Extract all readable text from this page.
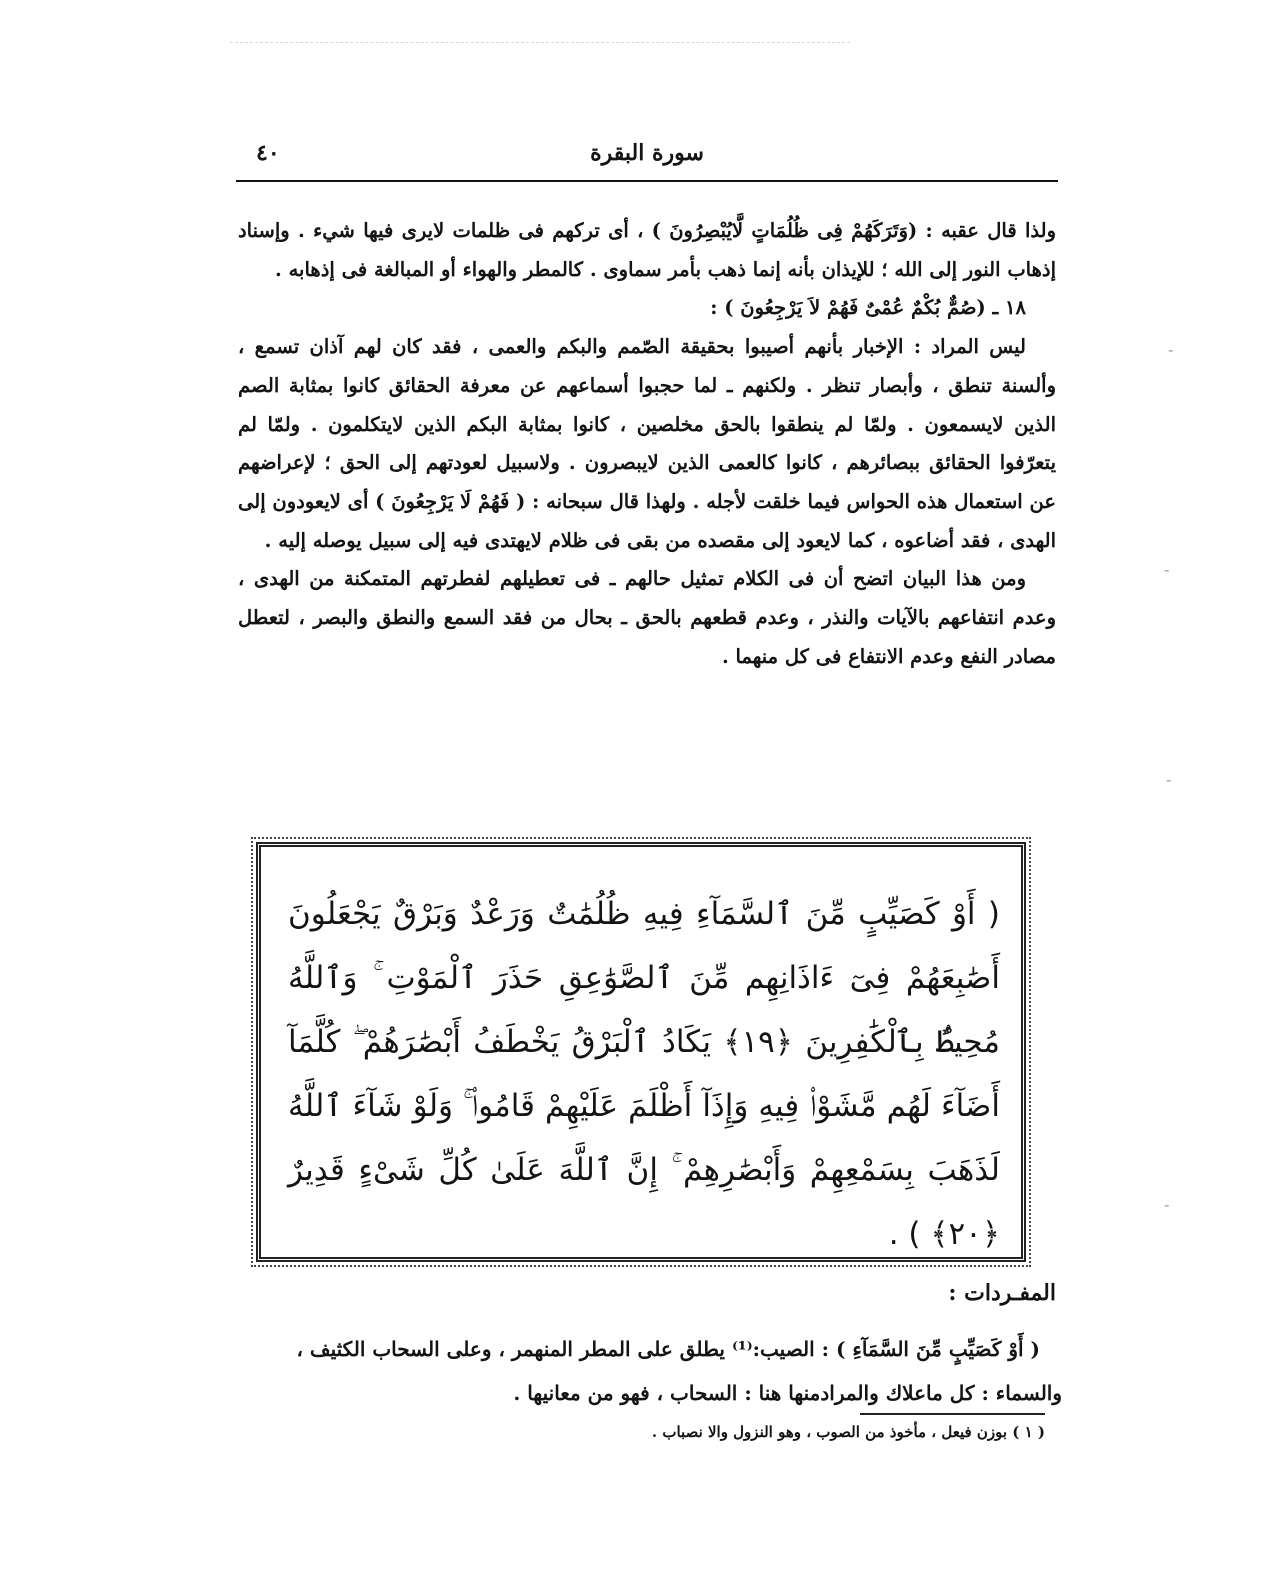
سورة البقرة
٤٠

ولذا قال عقبه : (وَتَرَكَهُمْ فِى ظُلُمَاتٍ لَّايُبْصِرُونَ ) ، أى تركهم فى ظلمات لايرى فيها شيء . وإسناد إذهاب النور إلى الله ؛ للإيذان بأنه إنما ذهب بأمر سماوى . كالمطر والهواء أو المبالغة فى إذهابه .

١٨ ـ (صُمٌّ بُكْمٌ عُمْىٌ فَهُمْ لاَ يَرْجِعُونَ ) :

ليس المراد : الإخبار بأنهم أصيبوا بحقيقة الصّمم والبكم والعمى ، فقد كان لهم آذان تسمع ، وألسنة تنطق ، وأبصار تنظر . ولكنهم ـ لما حجبوا أسماعهم عن معرفة الحقائق كانوا بمثابة الصم الذين لايسمعون . ولمّا لم ينطقوا بالحق مخلصين ، كانوا بمثابة البكم الذين لايتكلمون . ولمّا لم يتعرّفوا الحقائق ببصائرهم ، كانوا كالعمى الذين لايبصرون . ولاسبيل لعودتهم إلى الحق ؛ لإعراضهم عن استعمال هذه الحواس فيما خلقت لأجله . ولهذا قال سبحانه : ( فَهُمْ لَا يَرْجِعُونَ ) أى لايعودون إلى الهدى ، فقد أضاعوه ، كما لايعود إلى مقصده من بقى فى ظلام لايهتدى فيه إلى سبيل يوصله إليه .

ومن هذا البيان اتضح أن فى الكلام تمثيل حالهم ـ فى تعطيلهم لفطرتهم المتمكنة من الهدى ، وعدم انتفاعهم بالآيات والنذر ، وعدم قطعهم بالحق ـ بحال من فقد السمع والنطق والبصر ، لتعطل مصادر النفع وعدم الانتفاع فى كل منهما .

( أَوْ كَصَيِّبٍ مِّنَ ٱلسَّمَآءِ فِيهِ ظُلُمَٰتٌ وَرَعْدٌ وَبَرْقٌ يَجْعَلُونَ أَصَٰبِعَهُمْ فِىٓ ءَاذَانِهِم مِّنَ ٱلصَّوَٰعِقِ حَذَرَ ٱلْمَوْتِ ۚ وَٱللَّهُ مُحِيطٌۢ بِٱلْكَٰفِرِينَ ﴿١٩﴾ يَكَادُ ٱلْبَرْقُ يَخْطَفُ أَبْصَٰرَهُمْ ۖ كُلَّمَآ أَضَآءَ لَهُم مَّشَوْا۟ فِيهِ وَإِذَآ أَظْلَمَ عَلَيْهِمْ قَامُوا۟ ۚ وَلَوْ شَآءَ ٱللَّهُ لَذَهَبَ بِسَمْعِهِمْ وَأَبْصَٰرِهِمْ ۚ إِنَّ ٱللَّهَ عَلَىٰ كُلِّ شَىْءٍ قَدِيرٌ ﴿٢٠﴾ ) .

المفـردات :

( أَوْ كَصَيِّبٍ مِّنَ السَّمَآءِ ) : الصيب:⁽¹⁾ يطلق على المطر المنهمر ، وعلى السحاب الكثيف ،

والسماء : كل ماعلاك والمرادمنها هنا : السحاب ، فهو من معانيها .

( ١ ) بوزن فيعل ، مأخوذ من الصوب ، وهو النزول والا نصباب .
‐
‐
‐
‐
